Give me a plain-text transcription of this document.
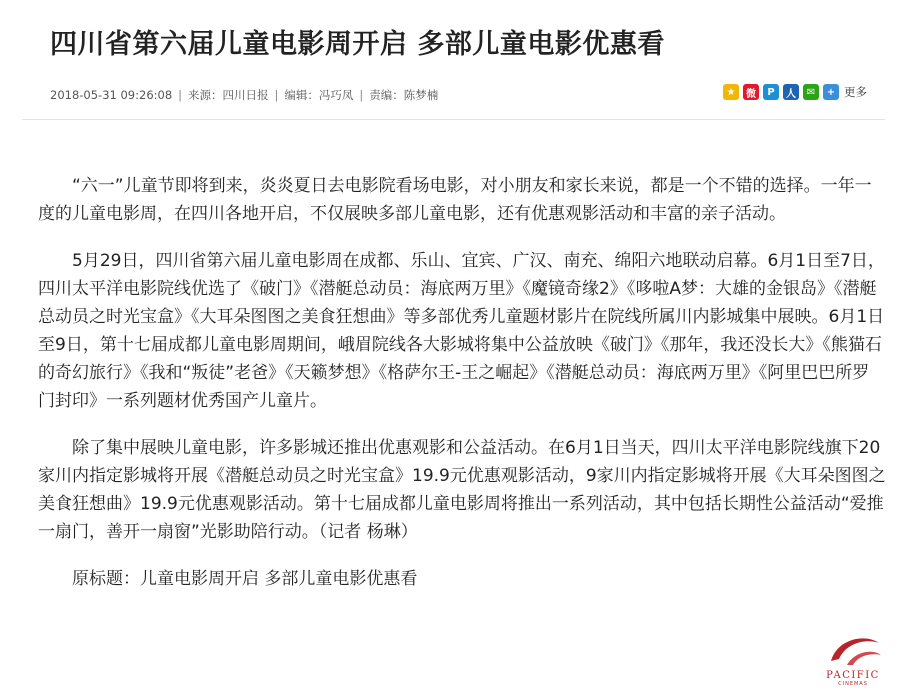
四川省第六届儿童电影周开启 多部儿童电影优惠看
2018-05-31 09:26:08 | 来源：四川日报 | 编辑：冯巧凤 | 责编：陈梦楠	★	微	P	人	✉	+ 更多

“六一”儿童节即将到来，炎炎夏日去电影院看场电影，对小朋友和家长来说，都是一个不错的选择。一年一度的儿童电影周，在四川各地开启，不仅展映多部儿童电影，还有优惠观影活动和丰富的亲子活动。

5月29日，四川省第六届儿童电影周在成都、乐山、宜宾、广汉、南充、绵阳六地联动启幕。6月1日至7日，四川太平洋电影院线优选了《破门》《潜艇总动员：海底两万里》《魔镜奇缘2》《哆啦A梦：大雄的金银岛》《潜艇总动员之时光宝盒》《大耳朵图图之美食狂想曲》等多部优秀儿童题材影片在院线所属川内影城集中展映。6月1日至9日，第十七届成都儿童电影周期间，峨眉院线各大影城将集中公益放映《破门》《那年，我还没长大》《熊猫石的奇幻旅行》《我和“叛徒”老爸》《天籁梦想》《格萨尔王-王之崛起》《潜艇总动员：海底两万里》《阿里巴巴所罗门封印》一系列题材优秀国产儿童片。

除了集中展映儿童电影，许多影城还推出优惠观影和公益活动。在6月1日当天，四川太平洋电影院线旗下20家川内指定影城将开展《潜艇总动员之时光宝盒》19.9元优惠观影活动，9家川内指定影城将开展《大耳朵图图之美食狂想曲》19.9元优惠观影活动。第十七届成都儿童电影周将推出一系列活动，其中包括长期性公益活动“爱推一扇门，善开一扇窗”光影助陪行动。（记者 杨琳）

原标题：儿童电影周开启 多部儿童电影优惠看

PACIFIC
CINEMAS
